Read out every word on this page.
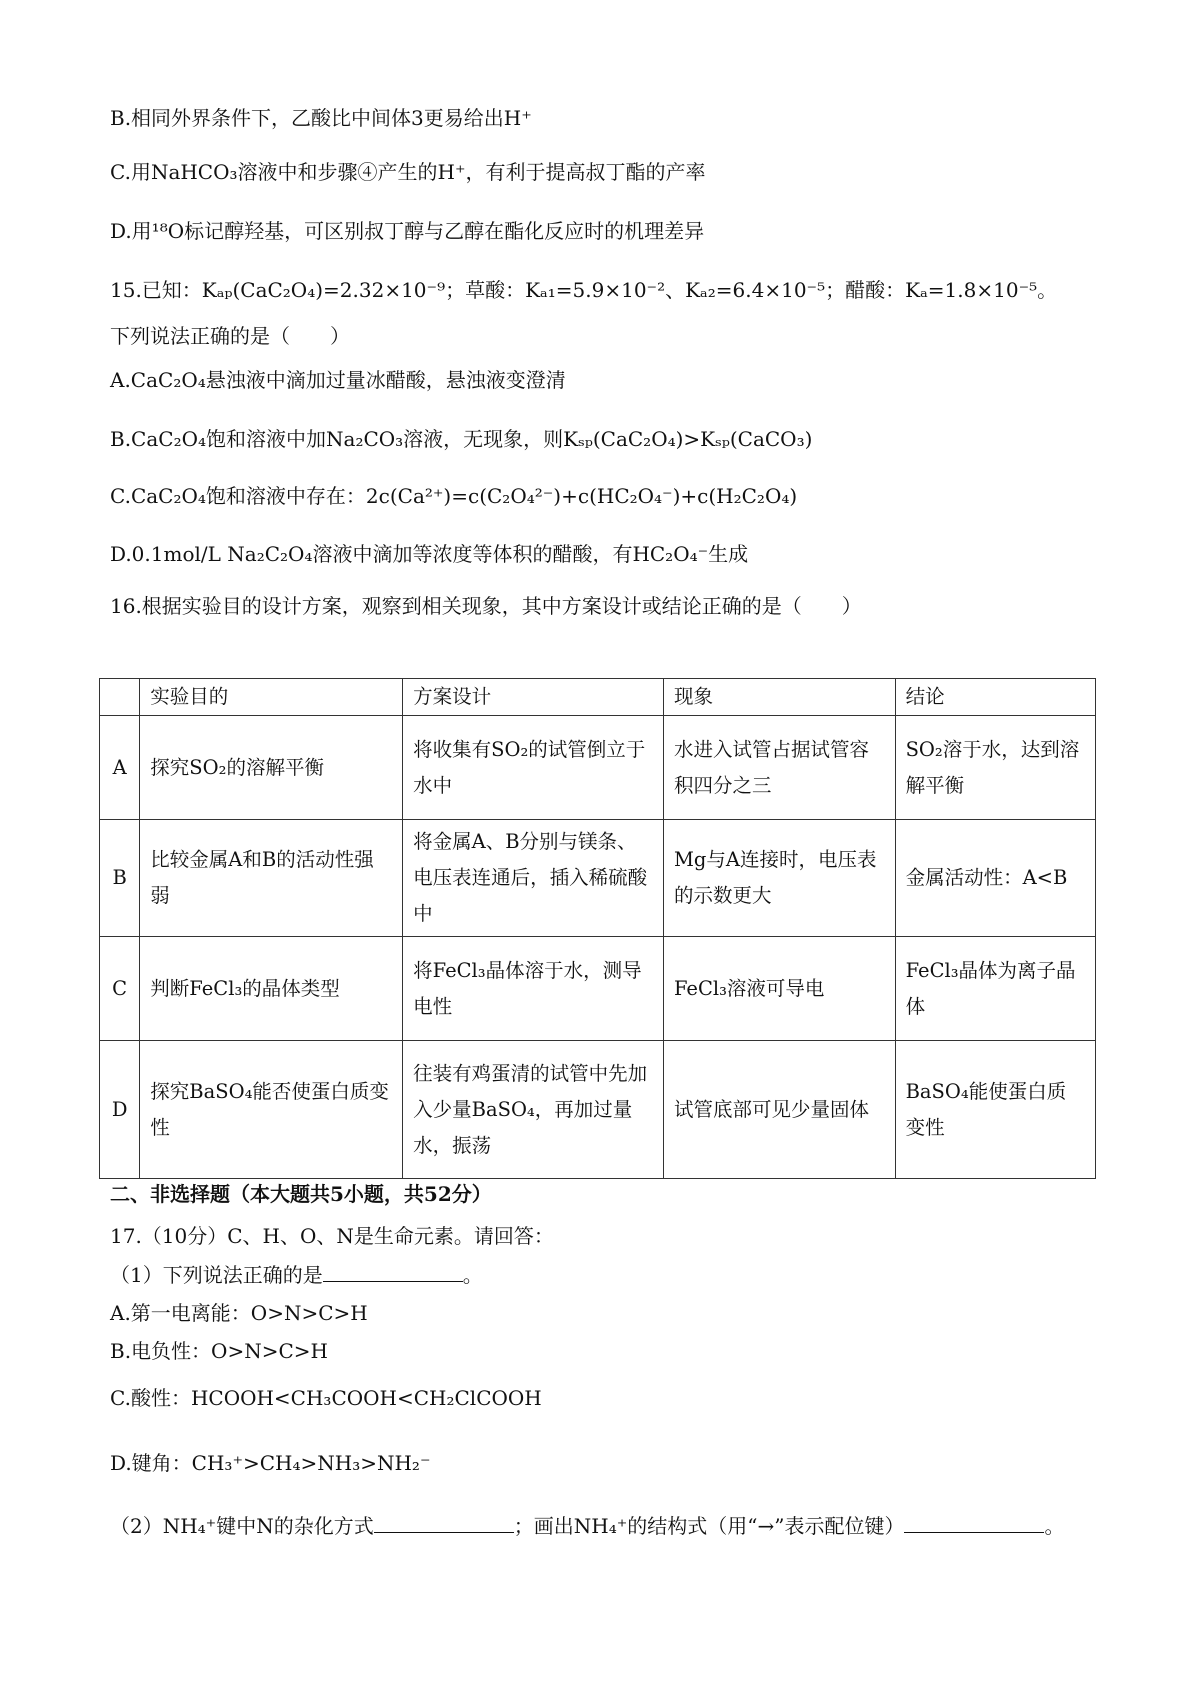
B.相同外界条件下，乙酸比中间体3更易给出H⁺
C.用NaHCO₃溶液中和步骤④产生的H⁺，有利于提高叔丁酯的产率
D.用¹⁸O标记醇羟基，可区别叔丁醇与乙醇在酯化反应时的机理差异
15.已知：Kₐₚ(CaC₂O₄)=2.32×10⁻⁹；草酸：Kₐ₁=5.9×10⁻²、Kₐ₂=6.4×10⁻⁵；醋酸：Kₐ=1.8×10⁻⁵。
下列说法正确的是（　　）
A.CaC₂O₄悬浊液中滴加过量冰醋酸，悬浊液变澄清
B.CaC₂O₄饱和溶液中加Na₂CO₃溶液，无现象，则Kₛₚ(CaC₂O₄)>Kₛₚ(CaCO₃)
C.CaC₂O₄饱和溶液中存在：2c(Ca²⁺)=c(C₂O₄²⁻)+c(HC₂O₄⁻)+c(H₂C₂O₄)
D.0.1mol/L Na₂C₂O₄溶液中滴加等浓度等体积的醋酸，有HC₂O₄⁻生成
16.根据实验目的设计方案，观察到相关现象，其中方案设计或结论正确的是（　　）
	实验目的	方案设计	现象	结论
A	探究SO₂的溶解平衡	将收集有SO₂的试管倒立于水中	水进入试管占据试管容积四分之三	SO₂溶于水，达到溶解平衡
B	比较金属A和B的活动性强弱	将金属A、B分别与镁条、电压表连通后，插入稀硫酸中	Mg与A连接时，电压表的示数更大	金属活动性：A<B
C	判断FeCl₃的晶体类型	将FeCl₃晶体溶于水，测导电性	FeCl₃溶液可导电	FeCl₃晶体为离子晶体
D	探究BaSO₄能否使蛋白质变性	往装有鸡蛋清的试管中先加入少量BaSO₄，再加过量水，振荡	试管底部可见少量固体	BaSO₄能使蛋白质变性
二、非选择题（本大题共5小题，共52分）
17.（10分）C、H、O、N是生命元素。请回答：
（1）下列说法正确的是	。
A.第一电离能：O>N>C>H
B.电负性：O>N>C>H
C.酸性：HCOOH<CH₃COOH<CH₂ClCOOH
D.键角：CH₃⁺>CH₄>NH₃>NH₂⁻
（2）NH₄⁺键中N的杂化方式	；画出NH₄⁺的结构式（用“→”表示配位键）	。
